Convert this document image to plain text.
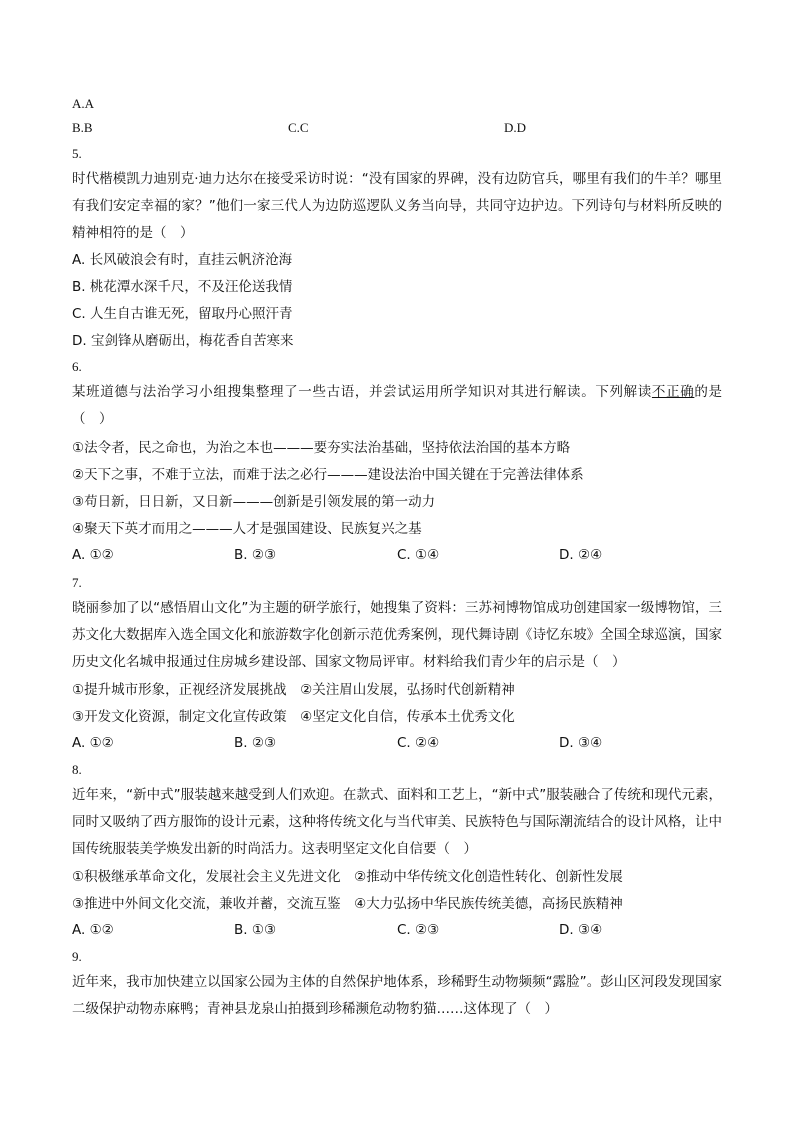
A.A
B.B	C.C	D.D
5.
时代楷模凯力迪别克·迪力达尔在接受采访时说：“没有国家的界碑，没有边防官兵，哪里有我们的牛羊？哪里有我们安定幸福的家？”他们一家三代人为边防巡逻队义务当向导，共同守边护边。下列诗句与材料所反映的精神相符的是（　）
A. 长风破浪会有时，直挂云帆济沧海
B. 桃花潭水深千尺，不及汪伦送我情
C. 人生自古谁无死，留取丹心照汗青
D. 宝剑锋从磨砺出，梅花香自苦寒来
6.
某班道德与法治学习小组搜集整理了一些古语，并尝试运用所学知识对其进行解读。下列解读不正确的是（　）
①法令者，民之命也，为治之本也———要夯实法治基础，坚持依法治国的基本方略
②天下之事，不难于立法，而难于法之必行———建设法治中国关键在于完善法律体系
③苟日新，日日新，又日新———创新是引领发展的第一动力
④聚天下英才而用之———人才是强国建设、民族复兴之基
A. ①②	B. ②③	C. ①④	D. ②④
7.
晓丽参加了以“感悟眉山文化”为主题的研学旅行，她搜集了资料：三苏祠博物馆成功创建国家一级博物馆，三苏文化大数据库入选全国文化和旅游数字化创新示范优秀案例，现代舞诗剧《诗忆东坡》全国全球巡演，国家历史文化名城申报通过住房城乡建设部、国家文物局评审。材料给我们青少年的启示是（　）
①提升城市形象，正视经济发展挑战　②关注眉山发展，弘扬时代创新精神
③开发文化资源，制定文化宣传政策　④坚定文化自信，传承本土优秀文化
A. ①②	B. ②③	C. ②④	D. ③④
8.
近年来，“新中式”服装越来越受到人们欢迎。在款式、面料和工艺上，“新中式”服装融合了传统和现代元素，同时又吸纳了西方服饰的设计元素，这种将传统文化与当代审美、民族特色与国际潮流结合的设计风格，让中国传统服装美学焕发出新的时尚活力。这表明坚定文化自信要（　）
①积极继承革命文化，发展社会主义先进文化　②推动中华传统文化创造性转化、创新性发展
③推进中外间文化交流，兼收并蓄，交流互鉴　④大力弘扬中华民族传统美德，高扬民族精神
A. ①②	B. ①③	C. ②③	D. ③④
9.
近年来，我市加快建立以国家公园为主体的自然保护地体系，珍稀野生动物频频“露脸”。彭山区河段发现国家二级保护动物赤麻鸭；青神县龙泉山拍摄到珍稀濒危动物豹猫……这体现了（　）
